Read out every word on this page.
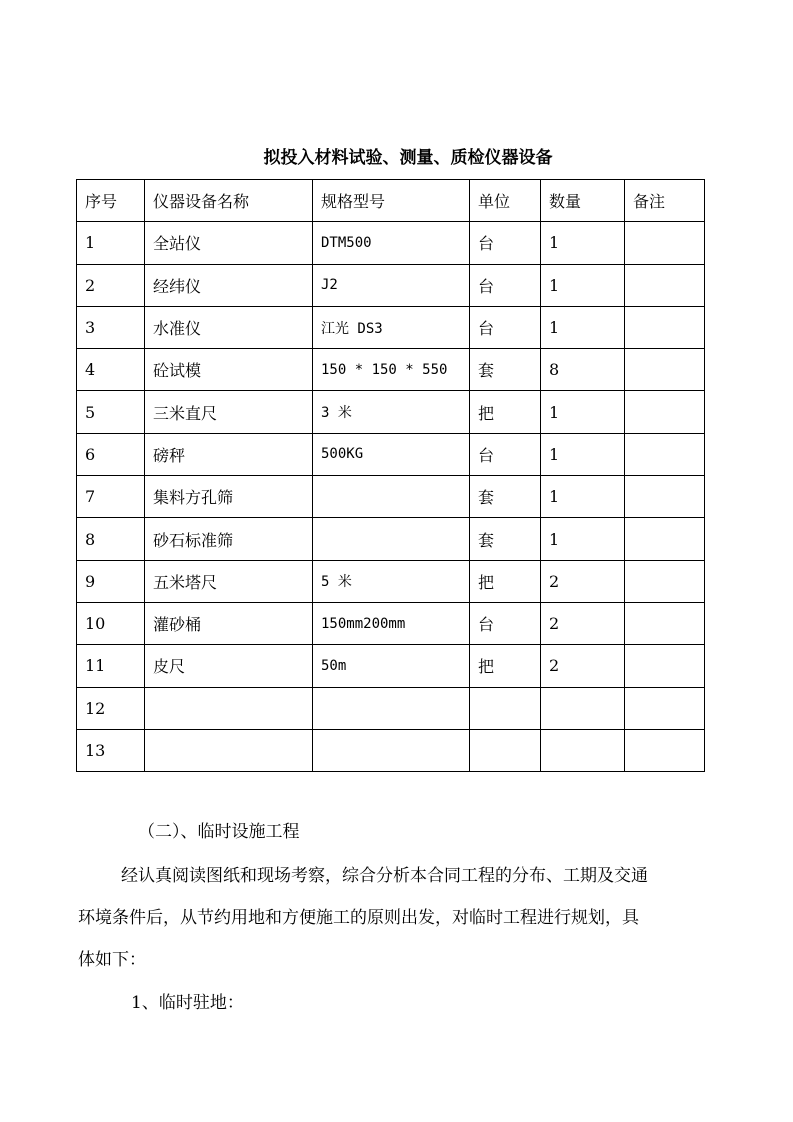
拟投入材料试验、测量、质检仪器设备
序号	仪器设备名称	规格型号	单位	数量	备注
1	全站仪	DTM500	台	1	
2	经纬仪	J2	台	1	
3	水准仪	江光 DS3	台	1	
4	砼试模	150 * 150 * 550	套	8	
5	三米直尺	3 米	把	1	
6	磅秤	500KG	台	1	
7	集料方孔筛		套	1	
8	砂石标准筛		套	1	
9	五米塔尺	5 米	把	2	
10	灌砂桶	150mm200mm	台	2	
11	皮尺	50m	把	2	
12					
13					
（二）、临时设施工程
经认真阅读图纸和现场考察，综合分析本合同工程的分布、工期及交通
环境条件后，从节约用地和方便施工的原则出发，对临时工程进行规划，具
体如下：
1、临时驻地：
